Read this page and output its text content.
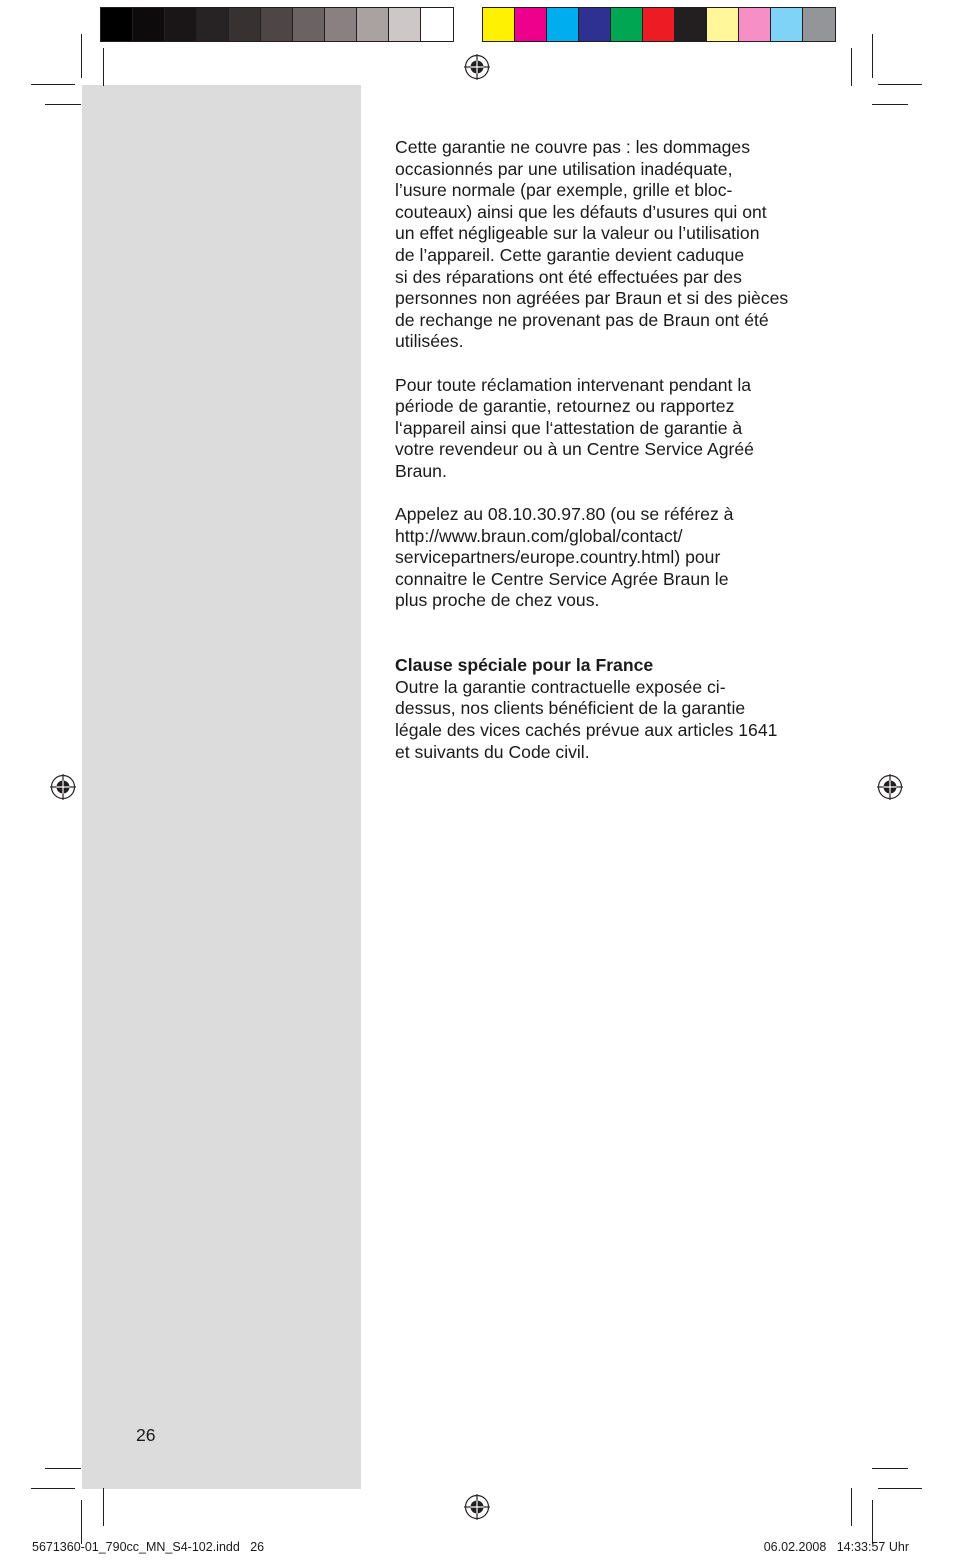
Cette garantie ne couvre pas : les dommages
occasionnés par une utilisation inadéquate,
l’usure normale (par exemple, grille et bloc-
couteaux) ainsi que les défauts d’usures qui ont
un effet négligeable sur la valeur ou l’utilisation
de l’appareil. Cette garantie devient caduque
si des réparations ont été effectuées par des
personnes non agréées par Braun et si des pièces
de rechange ne provenant pas de Braun ont été
utilisées.

Pour toute réclamation intervenant pendant la
période de garantie, retournez ou rapportez
l‘appareil ainsi que l‘attestation de garantie à
votre revendeur ou à un Centre Service Agréé
Braun.

Appelez au 08.10.30.97.80 (ou se référez à
http://www.braun.com/global/contact/
servicepartners/europe.country.html) pour
connaitre le Centre Service Agrée Braun le
plus proche de chez vous.

Clause spéciale pour la France
Outre la garantie contractuelle exposée ci-
dessus, nos clients bénéficient de la garantie
légale des vices cachés prévue aux articles 1641
et suivants du Code civil.

26
5671360-01_790cc_MN_S4-102.indd   26	06.02.2008   14:33:57 Uhr
